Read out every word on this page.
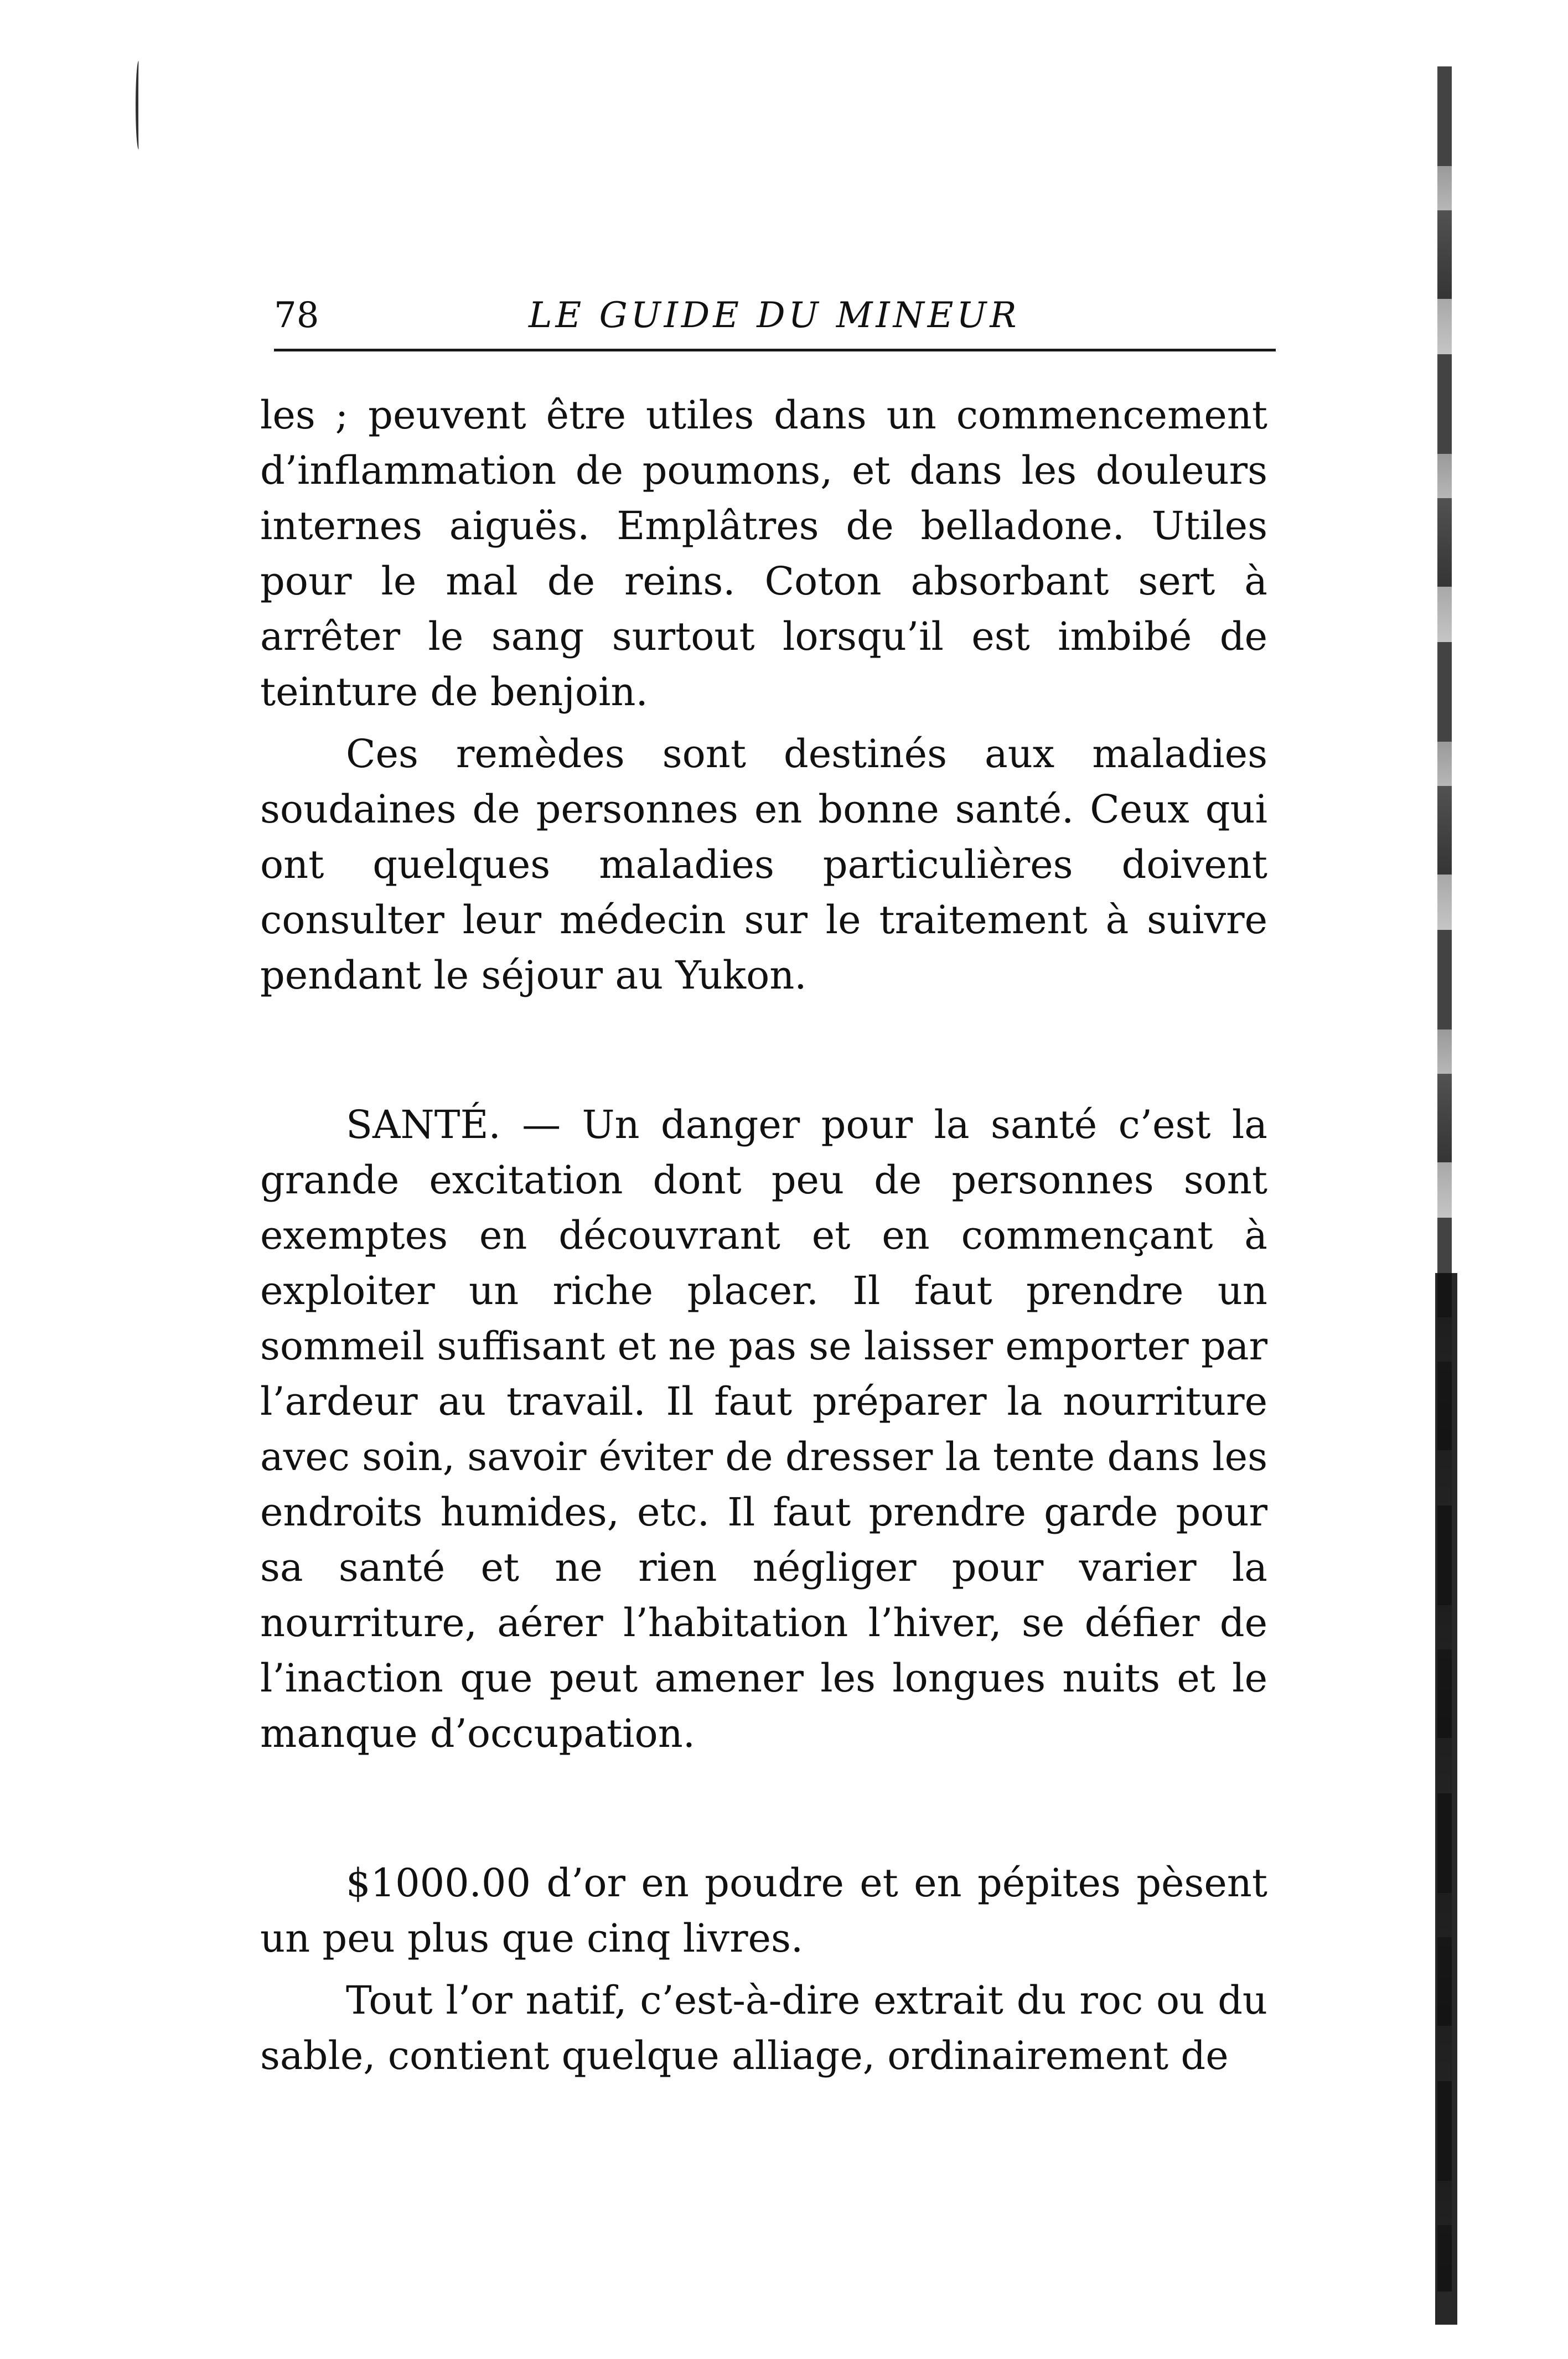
78	LE GUIDE DU MINEUR

les ; peuvent être utiles dans un commencement d’inflammation de poumons, et dans les douleurs internes aiguës. Emplâtres de belladone. Utiles pour le mal de reins. Coton absorbant sert à arrêter le sang surtout lorsqu’il est imbibé de teinture de benjoin.

Ces remèdes sont destinés aux maladies soudaines de personnes en bonne santé. Ceux qui ont quelques maladies particulières doivent consulter leur médecin sur le traitement à suivre pendant le séjour au Yukon.

SANTÉ. — Un danger pour la santé c’est la grande excitation dont peu de personnes sont exemptes en découvrant et en commençant à exploiter un riche placer. Il faut prendre un sommeil suffisant et ne pas se laisser emporter par l’ardeur au travail. Il faut préparer la nourriture avec soin, savoir éviter de dresser la tente dans les endroits humides, etc. Il faut prendre garde pour sa santé et ne rien négliger pour varier la nourriture, aérer l’habitation l’hiver, se défier de l’inaction que peut amener les longues nuits et le manque d’occupation.

$1000.00 d’or en poudre et en pépites pèsent un peu plus que cinq livres.

Tout l’or natif, c’est-à-dire extrait du roc ou du sable, contient quelque alliage, ordinairement de
